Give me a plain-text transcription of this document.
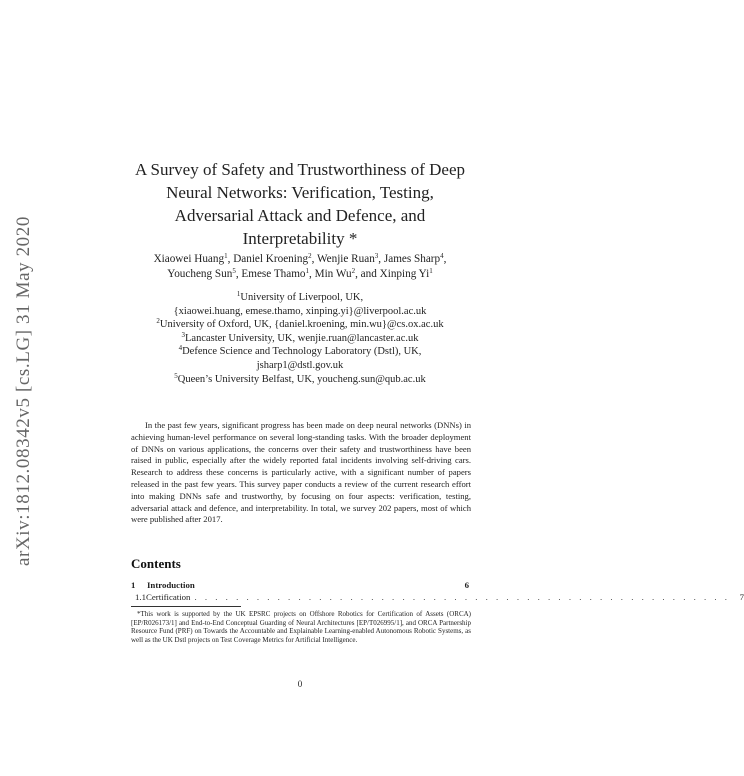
arXiv:1812.08342v5 [cs.LG] 31 May 2020
A Survey of Safety and Trustworthiness of Deep
Neural Networks: Verification, Testing,
Adversarial Attack and Defence, and
Interpretability *
Xiaowei Huang$^1$, Daniel Kroening$^2$, Wenjie Ruan$^3$, James Sharp$^4$,
Youcheng Sun$^5$, Emese Thamo$^1$, Min Wu$^2$, and Xinping Yi$^1$
$^1$University of Liverpool, UK,
{xiaowei.huang, emese.thamo, xinping.yi}@liverpool.ac.uk
$^2$University of Oxford, UK, {daniel.kroening, min.wu}@cs.ox.ac.uk
$^3$Lancaster University, UK, wenjie.ruan@lancaster.ac.uk
$^4$Defence Science and Technology Laboratory (Dstl), UK,
jsharp1@dstl.gov.uk
$^5$Queen’s University Belfast, UK, youcheng.sun@qub.ac.uk
In the past few years, significant progress has been made on deep neural networks (DNNs) in achieving human-level performance on several long-standing tasks. With the broader deployment of DNNs on various applications, the concerns over their safety and trustworthiness have been raised in public, especially after the widely reported fatal incidents involving self-driving cars. Research to address these concerns is particularly active, with a significant number of papers released in the past few years. This survey paper conducts a review of the current research effort into making DNNs safe and trustworthy, by focusing on four aspects: verification, testing, adversarial attack and defence, and interpretability. In total, we survey 202 papers, most of which were published after 2017.
Contents
1	Introduction	6
1.1 Certification . . . . . . . . . . . . . . . . . . . . . . . . . . . . . . . . . . . . . . . . . . . . . . . . . . . .	7
*This work is supported by the UK EPSRC projects on Offshore Robotics for Certification of Assets (ORCA) [EP/R026173/1] and End-to-End Conceptual Guarding of Neural Architectures [EP/T026995/1], and ORCA Partnership Resource Fund (PRF) on Towards the Accountable and Explainable Learning-enabled Autonomous Robotic Systems, as well as the UK Dstl projects on Test Coverage Metrics for Artificial Intelligence.
0
